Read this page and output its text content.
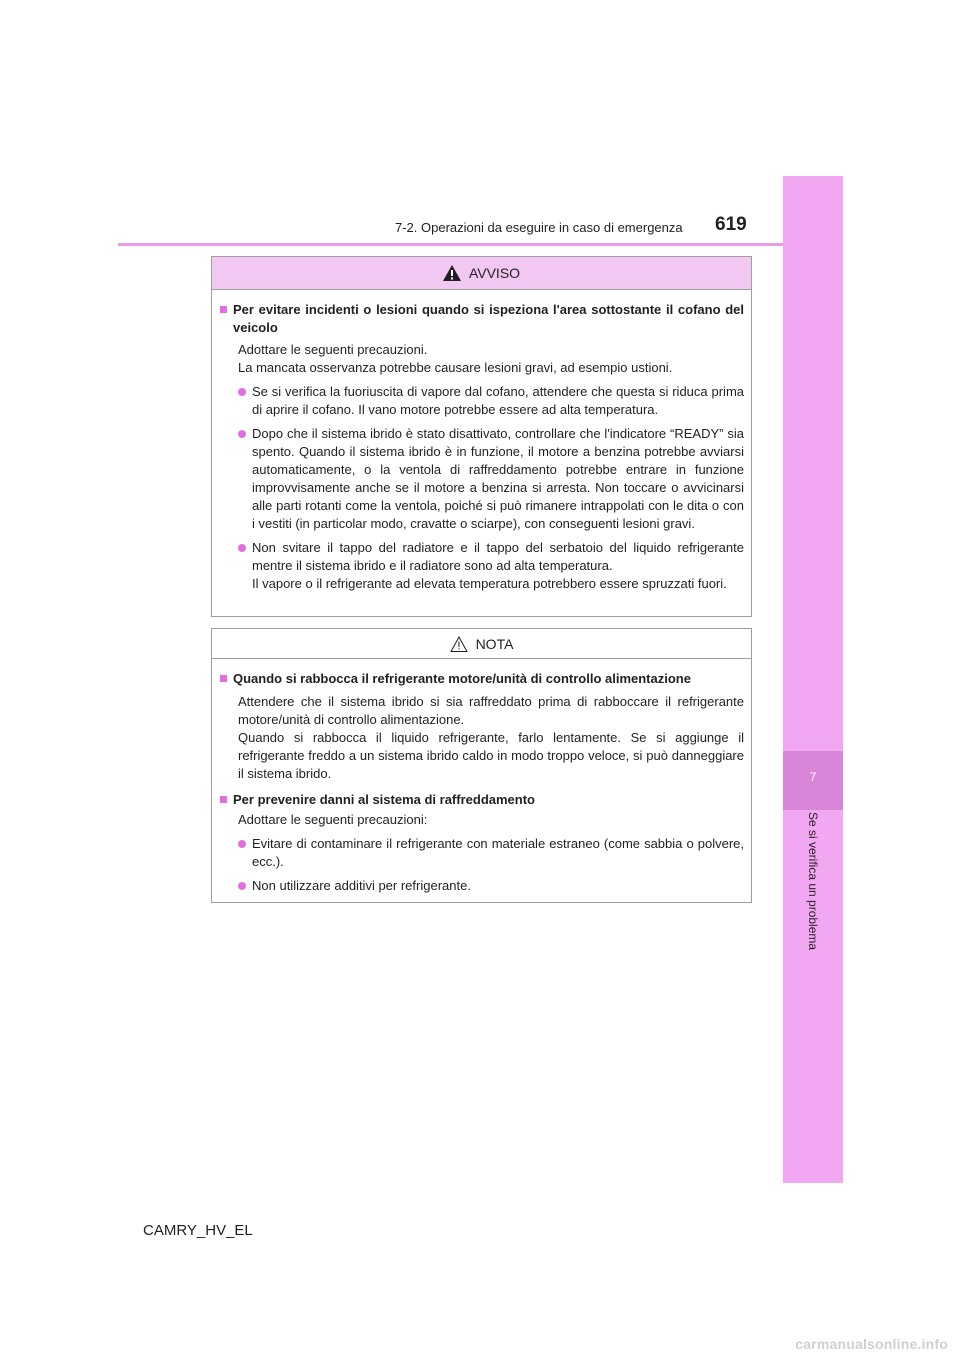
7-2. Operazioni da eseguire in caso di emergenza 619
7
Se si verifica un problema
AVVISO
Per evitare incidenti o lesioni quando si ispeziona l'area sottostante il cofano del veicolo

Adottare le seguenti precauzioni.

La mancata osservanza potrebbe causare lesioni gravi, ad esempio ustioni.

Se si verifica la fuoriuscita di vapore dal cofano, attendere che questa si riduca prima di aprire il cofano. Il vano motore potrebbe essere ad alta temperatura.
Dopo che il sistema ibrido è stato disattivato, controllare che l'indicatore “READY” sia spento. Quando il sistema ibrido è in funzione, il motore a benzina potrebbe avviarsi automaticamente, o la ventola di raffreddamento potrebbe entrare in funzione improvvisamente anche se il motore a benzina si arresta. Non toccare o avvicinarsi alle parti rotanti come la ventola, poiché si può rimanere intrappolati con le dita o con i vestiti (in particolar modo, cravatte o sciarpe), con conseguenti lesioni gravi.
Non svitare il tappo del radiatore e il tappo del serbatoio del liquido refrigerante mentre il sistema ibrido e il radiatore sono ad alta temperatura.
Il vapore o il refrigerante ad elevata temperatura potrebbero essere spruzzati fuori.
NOTA
Quando si rabbocca il refrigerante motore/unità di controllo alimentazione

Attendere che il sistema ibrido si sia raffreddato prima di rabboccare il refrigerante motore/unità di controllo alimentazione.

Quando si rabbocca il liquido refrigerante, farlo lentamente. Se si aggiunge il refrigerante freddo a un sistema ibrido caldo in modo troppo veloce, si può danneggiare il sistema ibrido.

Per prevenire danni al sistema di raffreddamento

Adottare le seguenti precauzioni:

Evitare di contaminare il refrigerante con materiale estraneo (come sabbia o polvere, ecc.).
Non utilizzare additivi per refrigerante.
CAMRY_HV_EL
carmanualsonline.info
